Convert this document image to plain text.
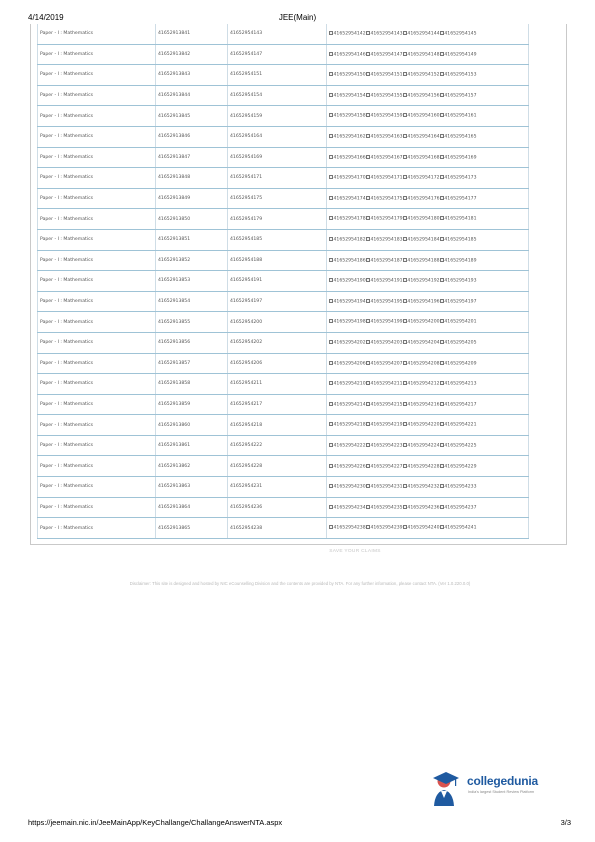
4/14/2019	JEE(Main)
Paper - I : Mathematics	41652913841	41652954143	41652954142 41652954143 41652954144 41652954145
Paper - I : Mathematics	41652913842	41652954147	41652954146 41652954147 41652954148 41652954149
Paper - I : Mathematics	41652913843	41652954151	41652954150 41652954151 41652954152 41652954153
Paper - I : Mathematics	41652913844	41652954154	41652954154 41652954155 41652954156 41652954157
Paper - I : Mathematics	41652913845	41652954159	41652954158 41652954159 41652954160 41652954161
Paper - I : Mathematics	41652913846	41652954164	41652954162 41652954163 41652954164 41652954165
Paper - I : Mathematics	41652913847	41652954169	41652954166 41652954167 41652954168 41652954169
Paper - I : Mathematics	41652913848	41652954171	41652954170 41652954171 41652954172 41652954173
Paper - I : Mathematics	41652913849	41652954175	41652954174 41652954175 41652954176 41652954177
Paper - I : Mathematics	41652913850	41652954179	41652954178 41652954179 41652954180 41652954181
Paper - I : Mathematics	41652913851	41652954185	41652954182 41652954183 41652954184 41652954185
Paper - I : Mathematics	41652913852	41652954188	41652954186 41652954187 41652954188 41652954189
Paper - I : Mathematics	41652913853	41652954191	41652954190 41652954191 41652954192 41652954193
Paper - I : Mathematics	41652913854	41652954197	41652954194 41652954195 41652954196 41652954197
Paper - I : Mathematics	41652913855	41652954200	41652954198 41652954199 41652954200 41652954201
Paper - I : Mathematics	41652913856	41652954202	41652954202 41652954203 41652954204 41652954205
Paper - I : Mathematics	41652913857	41652954206	41652954206 41652954207 41652954208 41652954209
Paper - I : Mathematics	41652913858	41652954211	41652954210 41652954211 41652954212 41652954213
Paper - I : Mathematics	41652913859	41652954217	41652954214 41652954215 41652954216 41652954217
Paper - I : Mathematics	41652913860	41652954218	41652954218 41652954219 41652954220 41652954221
Paper - I : Mathematics	41652913861	41652954222	41652954222 41652954223 41652954224 41652954225
Paper - I : Mathematics	41652913862	41652954228	41652954226 41652954227 41652954228 41652954229
Paper - I : Mathematics	41652913863	41652954231	41652954230 41652954231 41652954232 41652954233
Paper - I : Mathematics	41652913864	41652954236	41652954234 41652954235 41652954236 41652954237
Paper - I : Mathematics	41652913865	41652954238	41652954238 41652954239 41652954240 41652954241
SAVE YOUR CLAIMS
Disclaimer: This site is designed and hosted by NIC eCounselling Division and the contents are provided by NTA. For any further information, please contact NTA. (Ver 1.0.220.0.0)
collegedunia
India's largest Student Review Platform
https://jeemain.nic.in/JeeMainApp/KeyChallange/ChallangeAnswerNTA.aspx	3/3
